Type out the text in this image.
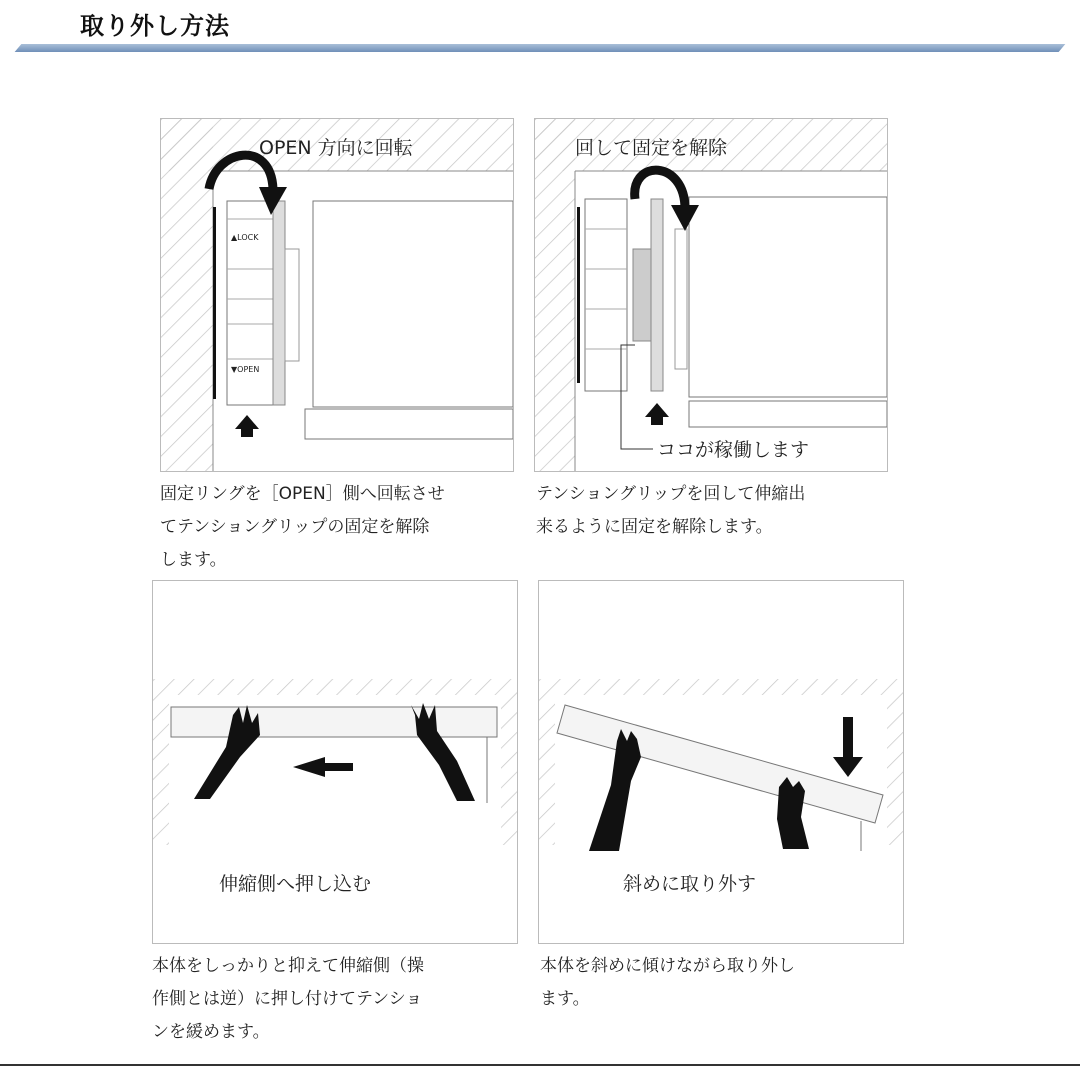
取り外し方法
OPEN 方向に回転
▲LOCK
▼OPEN
固定リングを［OPEN］側へ回転させ
てテンショングリップの固定を解除
します。
回して固定を解除
ココが稼働します
テンショングリップを回して伸縮出
来るように固定を解除します。
伸縮側へ押し込む
本体をしっかりと抑えて伸縮側（操
作側とは逆）に押し付けてテンショ
ンを緩めます。
斜めに取り外す
本体を斜めに傾けながら取り外し
ます。
